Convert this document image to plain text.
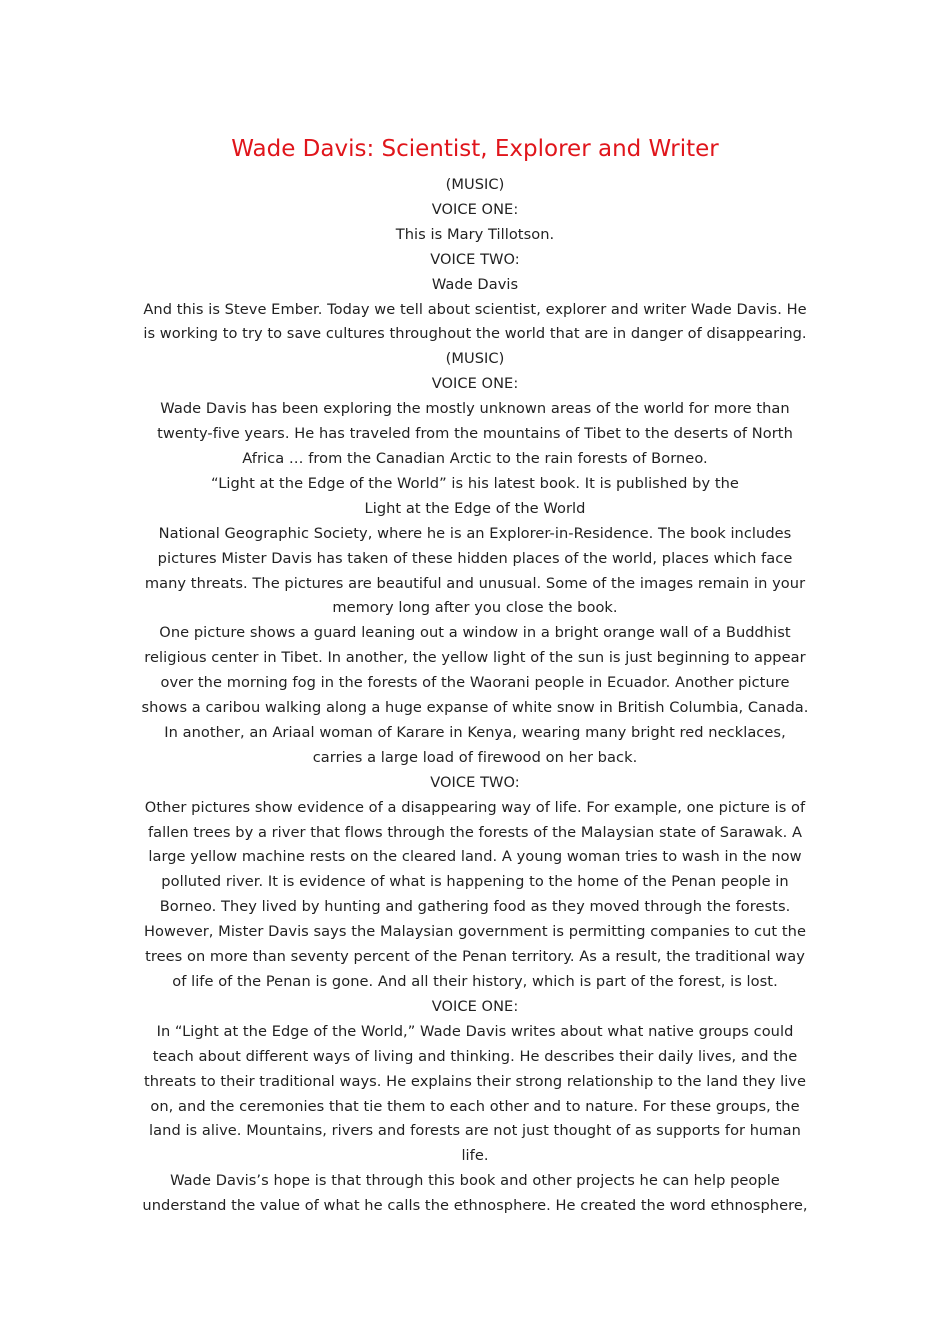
Wade Davis: Scientist, Explorer and Writer

(MUSIC)

VOICE ONE:

This is Mary Tillotson.

VOICE TWO:

Wade Davis

And this is Steve Ember. Today we tell about scientist, explorer and writer Wade Davis. He is working to try to save cultures throughout the world that are in danger of disappearing.

(MUSIC)

VOICE ONE:

Wade Davis has been exploring the mostly unknown areas of the world for more than twenty-five years. He has traveled from the mountains of Tibet to the deserts of North Africa … from the Canadian Arctic to the rain forests of Borneo.

“Light at the Edge of the World” is his latest book. It is published by the

Light at the Edge of the World

National Geographic Society, where he is an Explorer-in-Residence. The book includes pictures Mister Davis has taken of these hidden places of the world, places which face many threats. The pictures are beautiful and unusual. Some of the images remain in your memory long after you close the book.

One picture shows a guard leaning out a window in a bright orange wall of a Buddhist religious center in Tibet. In another, the yellow light of the sun is just beginning to appear over the morning fog in the forests of the Waorani people in Ecuador. Another picture shows a caribou walking along a huge expanse of white snow in British Columbia, Canada. In another, an Ariaal woman of Karare in Kenya, wearing many bright red necklaces, carries a large load of firewood on her back.

VOICE TWO:

Other pictures show evidence of a disappearing way of life. For example, one picture is of fallen trees by a river that flows through the forests of the Malaysian state of Sarawak. A large yellow machine rests on the cleared land. A young woman tries to wash in the now polluted river. It is evidence of what is happening to the home of the Penan people in Borneo. They lived by hunting and gathering food as they moved through the forests. However, Mister Davis says the Malaysian government is permitting companies to cut the trees on more than seventy percent of the Penan territory. As a result, the traditional way of life of the Penan is gone. And all their history, which is part of the forest, is lost.

VOICE ONE:

In “Light at the Edge of the World,” Wade Davis writes about what native groups could teach about different ways of living and thinking. He describes their daily lives, and the threats to their traditional ways. He explains their strong relationship to the land they live on, and the ceremonies that tie them to each other and to nature. For these groups, the land is alive. Mountains, rivers and forests are not just thought of as supports for human life.

Wade Davis’s hope is that through this book and other projects he can help people understand the value of what he calls the ethnosphere. He created the word ethnosphere,
